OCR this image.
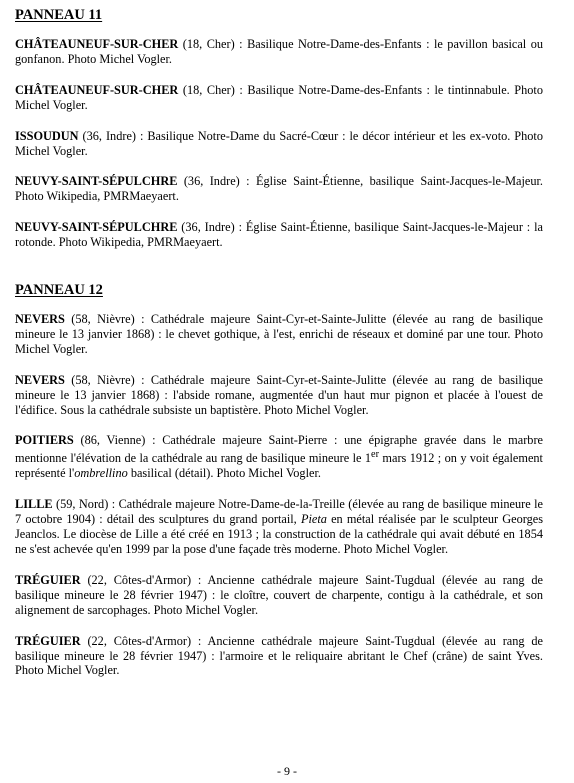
PANNEAU 11

CHÂTEAUNEUF-SUR-CHER (18, Cher) : Basilique Notre-Dame-des-Enfants : le pavillon basical ou gonfanon. Photo Michel Vogler.

CHÂTEAUNEUF-SUR-CHER (18, Cher) : Basilique Notre-Dame-des-Enfants : le tintinnabule. Photo Michel Vogler.

ISSOUDUN (36, Indre) : Basilique Notre-Dame du Sacré-Cœur : le décor intérieur et les ex-voto. Photo Michel Vogler.

NEUVY-SAINT-SÉPULCHRE (36, Indre) : Église Saint-Étienne, basilique Saint-Jacques-le-Majeur. Photo Wikipedia, PMRMaeyaert.

NEUVY-SAINT-SÉPULCHRE (36, Indre) : Église Saint-Étienne, basilique Saint-Jacques-le-Majeur : la rotonde. Photo Wikipedia, PMRMaeyaert.

PANNEAU 12

NEVERS (58, Nièvre) : Cathédrale majeure Saint-Cyr-et-Sainte-Julitte (élevée au rang de basilique mineure le 13 janvier 1868) : le chevet gothique, à l'est, enrichi de réseaux et dominé par une tour. Photo Michel Vogler.

NEVERS (58, Nièvre) : Cathédrale majeure Saint-Cyr-et-Sainte-Julitte (élevée au rang de basilique mineure le 13 janvier 1868) : l'abside romane, augmentée d'un haut mur pignon et placée à l'ouest de l'édifice. Sous la cathédrale subsiste un baptistère. Photo Michel Vogler.

POITIERS (86, Vienne) : Cathédrale majeure Saint-Pierre : une épigraphe gravée dans le marbre mentionne l'élévation de la cathédrale au rang de basilique mineure le 1er mars 1912 ; on y voit également représenté l'ombrellino basilical (détail). Photo Michel Vogler.

LILLE (59, Nord) : Cathédrale majeure Notre-Dame-de-la-Treille (élevée au rang de basilique mineure le 7 octobre 1904) : détail des sculptures du grand portail, Pieta en métal réalisée par le sculpteur Georges Jeanclos. Le diocèse de Lille a été créé en 1913 ; la construction de la cathédrale qui avait débuté en 1854 ne s'est achevée qu'en 1999 par la pose d'une façade très moderne. Photo Michel Vogler.

TRÉGUIER (22, Côtes-d'Armor) : Ancienne cathédrale majeure Saint-Tugdual (élevée au rang de basilique mineure le 28 février 1947) : le cloître, couvert de charpente, contigu à la cathédrale, et son alignement de sarcophages. Photo Michel Vogler.

TRÉGUIER (22, Côtes-d'Armor) : Ancienne cathédrale majeure Saint-Tugdual (élevée au rang de basilique mineure le 28 février 1947) : l'armoire et le reliquaire abritant le Chef (crâne) de saint Yves. Photo Michel Vogler.

- 9 -
